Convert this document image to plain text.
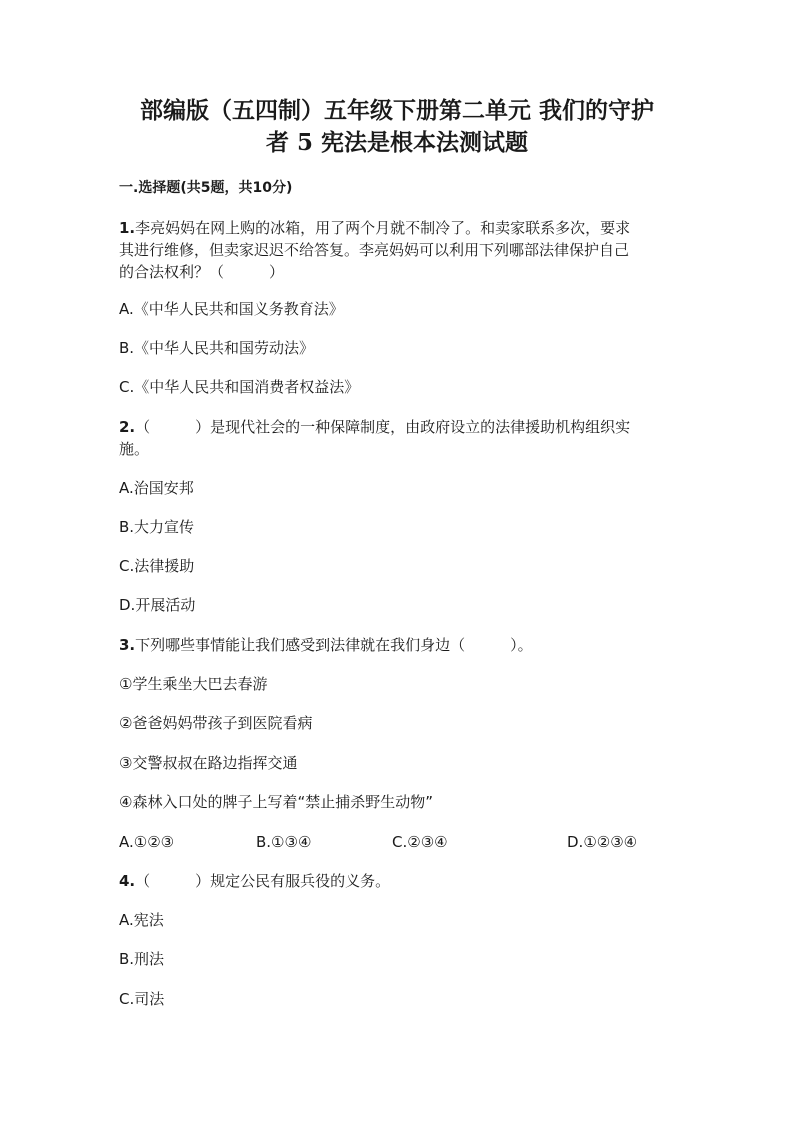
部编版（五四制）五年级下册第二单元 我们的守护
者 5 宪法是根本法测试题
一.选择题(共5题，共10分)
1.李亮妈妈在网上购的冰箱，用了两个月就不制冷了。和卖家联系多次，要求
其进行维修，但卖家迟迟不给答复。李亮妈妈可以利用下列哪部法律保护自己
的合法权利？（　　　）
A.《中华人民共和国义务教育法》
B.《中华人民共和国劳动法》
C.《中华人民共和国消费者权益法》
2.（　　　）是现代社会的一种保障制度，由政府设立的法律援助机构组织实
施。
A.治国安邦
B.大力宣传
C.法律援助
D.开展活动
3.下列哪些事情能让我们感受到法律就在我们身边（　　　）。
①学生乘坐大巴去春游
②爸爸妈妈带孩子到医院看病
③交警叔叔在路边指挥交通
④森林入口处的牌子上写着“禁止捕杀野生动物”
A.①②③	B.①③④	C.②③④	D.①②③④
4.（　　　）规定公民有服兵役的义务。
A.宪法
B.刑法
C.司法
